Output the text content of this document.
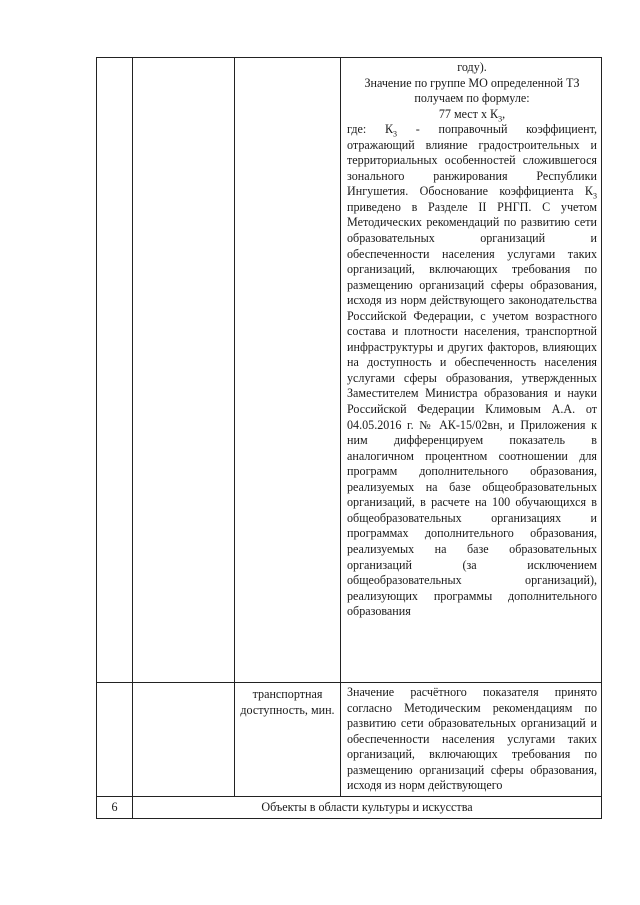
			году).

Значение по группе МО определенной ТЗ получаем по формуле:

77 мест х $К_3$,

где: $К_3$ - поправочный коэффициент, отражающий влияние градостроительных и территориальных особенностей сложившегося зонального ранжирования Республики Ингушетия. Обоснование коэффициента $К_3$ приведено в Разделе II РНГП. С учетом Методических рекомендаций по развитию сети образовательных организаций и обеспеченности населения услугами таких организаций, включающих требования по размещению организаций сферы образования, исходя из норм действующего законодательства Российской Федерации, с учетом возрастного состава и плотности населения, транспортной инфраструктуры и других факторов, влияющих на доступность и обеспеченность населения услугами сферы образования, утвержденных Заместителем Министра образования и науки Российской Федерации Климовым А.А. от 04.05.2016 г. № АК-15/02вн, и Приложения к ним дифференцируем показатель в аналогичном процентном соотношении для программ дополнительного образования, реализуемых на базе общеобразовательных организаций, в расчете на 100 обучающихся в общеобразовательных организациях и программах дополнительного образования, реализуемых на базе образовательных организаций (за исключением общеобразовательных организаций), реализующих программы дополнительного образования

		транспортная доступность, мин.	Значение расчётного показателя принято согласно Методическим рекомендациям по развитию сети образовательных организаций и обеспеченности населения услугами таких организаций, включающих требования по размещению организаций сферы образования, исходя из норм действующего

6	Объекты в области культуры и искусства		
